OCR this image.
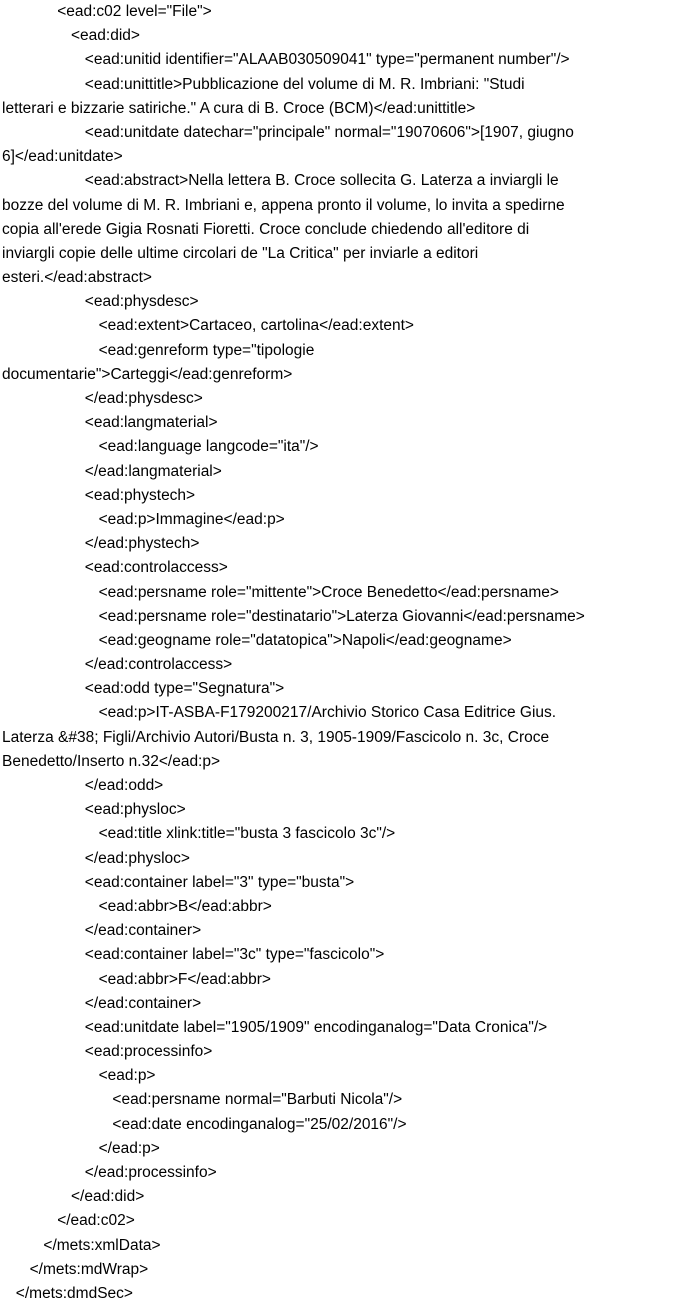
<ead:c02 level="File">
<ead:did>
<ead:unitid identifier="ALAAB030509041" type="permanent number"/>
<ead:unittitle>Pubblicazione del volume di M. R. Imbriani: "Studi
letterari e bizzarie satiriche." A cura di B. Croce (BCM)</ead:unittitle>
<ead:unitdate datechar="principale" normal="19070606">[1907, giugno
6]</ead:unitdate>
<ead:abstract>Nella lettera B. Croce sollecita G. Laterza a inviargli le
bozze del volume di M. R. Imbriani e, appena pronto il volume, lo invita a spedirne
copia all'erede Gigia Rosnati Fioretti. Croce conclude chiedendo all'editore di
inviargli copie delle ultime circolari de "La Critica" per inviarle a editori
esteri.</ead:abstract>
<ead:physdesc>
<ead:extent>Cartaceo, cartolina</ead:extent>
<ead:genreform type="tipologie
documentarie">Carteggi</ead:genreform>
</ead:physdesc>
<ead:langmaterial>
<ead:language langcode="ita"/>
</ead:langmaterial>
<ead:phystech>
<ead:p>Immagine</ead:p>
</ead:phystech>
<ead:controlaccess>
<ead:persname role="mittente">Croce Benedetto</ead:persname>
<ead:persname role="destinatario">Laterza Giovanni</ead:persname>
<ead:geogname role="datatopica">Napoli</ead:geogname>
</ead:controlaccess>
<ead:odd type="Segnatura">
<ead:p>IT-ASBA-F179200217/Archivio Storico Casa Editrice Gius.
Laterza &#38; Figli/Archivio Autori/Busta n. 3, 1905-1909/Fascicolo n. 3c, Croce
Benedetto/Inserto n.32</ead:p>
</ead:odd>
<ead:physloc>
<ead:title xlink:title="busta 3 fascicolo 3c"/>
</ead:physloc>
<ead:container label="3" type="busta">
<ead:abbr>B</ead:abbr>
</ead:container>
<ead:container label="3c" type="fascicolo">
<ead:abbr>F</ead:abbr>
</ead:container>
<ead:unitdate label="1905/1909" encodinganalog="Data Cronica"/>
<ead:processinfo>
<ead:p>
<ead:persname normal="Barbuti Nicola"/>
<ead:date encodinganalog="25/02/2016"/>
</ead:p>
</ead:processinfo>
</ead:did>
</ead:c02>
</mets:xmlData>
</mets:mdWrap>
</mets:dmdSec>
